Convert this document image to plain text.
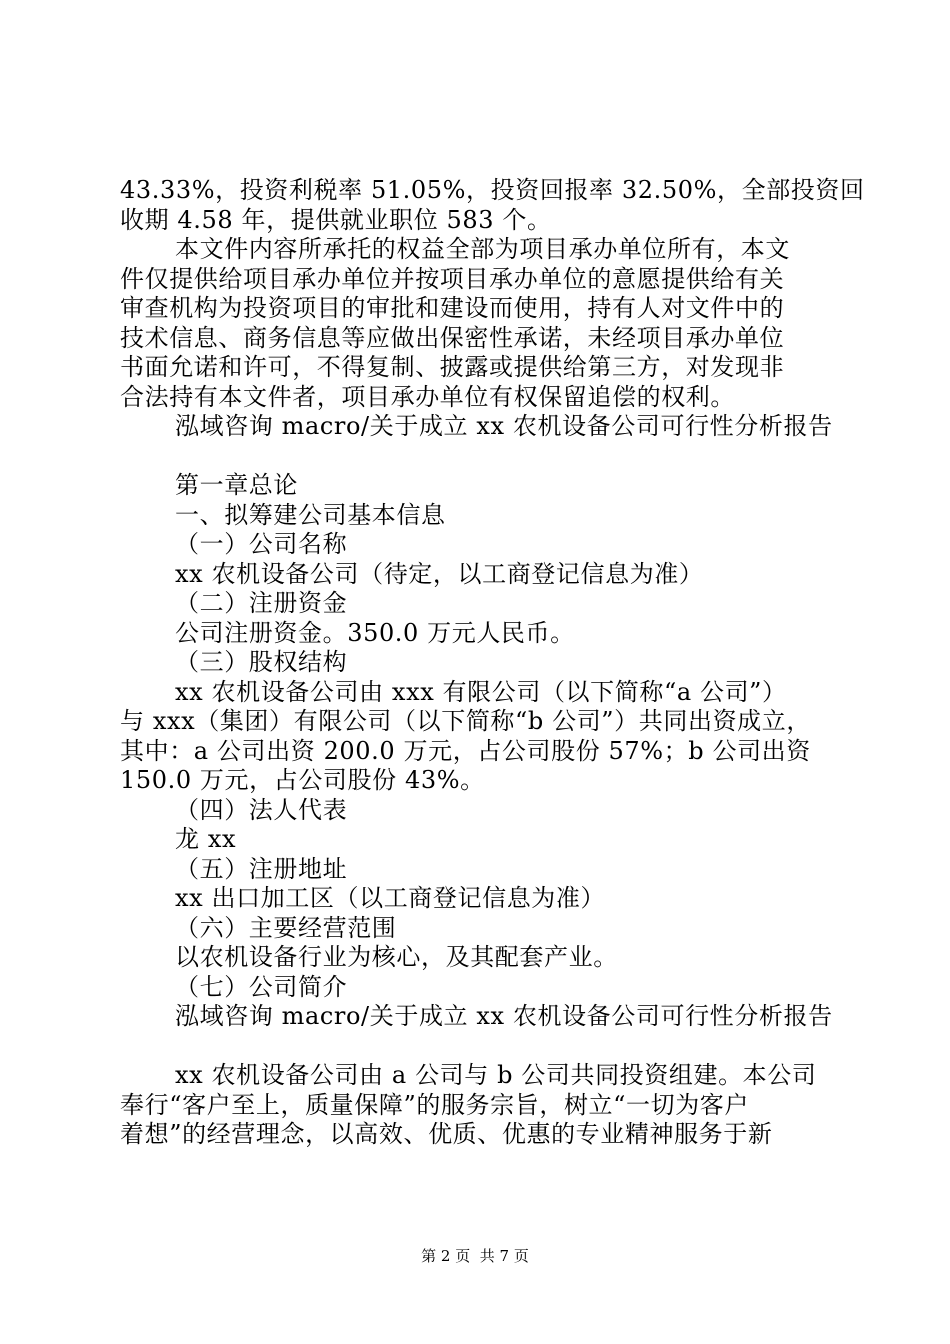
43.33%，投资利税率 51.05%，投资回报率 32.50%，全部投资回
收期 4.58 年，提供就业职位 583 个。
本文件内容所承托的权益全部为项目承办单位所有，本文
件仅提供给项目承办单位并按项目承办单位的意愿提供给有关
审查机构为投资项目的审批和建设而使用，持有人对文件中的
技术信息、商务信息等应做出保密性承诺，未经项目承办单位
书面允诺和许可，不得复制、披露或提供给第三方，对发现非
合法持有本文件者，项目承办单位有权保留追偿的权利。
泓域咨询 macro/关于成立 xx 农机设备公司可行性分析报告
第一章总论
一、拟筹建公司基本信息
（一）公司名称
xx 农机设备公司（待定，以工商登记信息为准）
（二）注册资金
公司注册资金。350.0 万元人民币。
（三）股权结构
xx 农机设备公司由 xxx 有限公司（以下简称“a 公司”）
与 xxx（集团）有限公司（以下简称“b 公司”）共同出资成立，
其中：a 公司出资 200.0 万元，占公司股份 57%；b 公司出资
150.0 万元，占公司股份 43%。
（四）法人代表
龙 xx
（五）注册地址
xx 出口加工区（以工商登记信息为准）
（六）主要经营范围
以农机设备行业为核心，及其配套产业。
（七）公司简介
泓域咨询 macro/关于成立 xx 农机设备公司可行性分析报告
xx 农机设备公司由 a 公司与 b 公司共同投资组建。本公司
奉行“客户至上，质量保障”的服务宗旨，树立“一切为客户
着想”的经营理念，以高效、优质、优惠的专业精神服务于新
第 2 页  共 7 页
